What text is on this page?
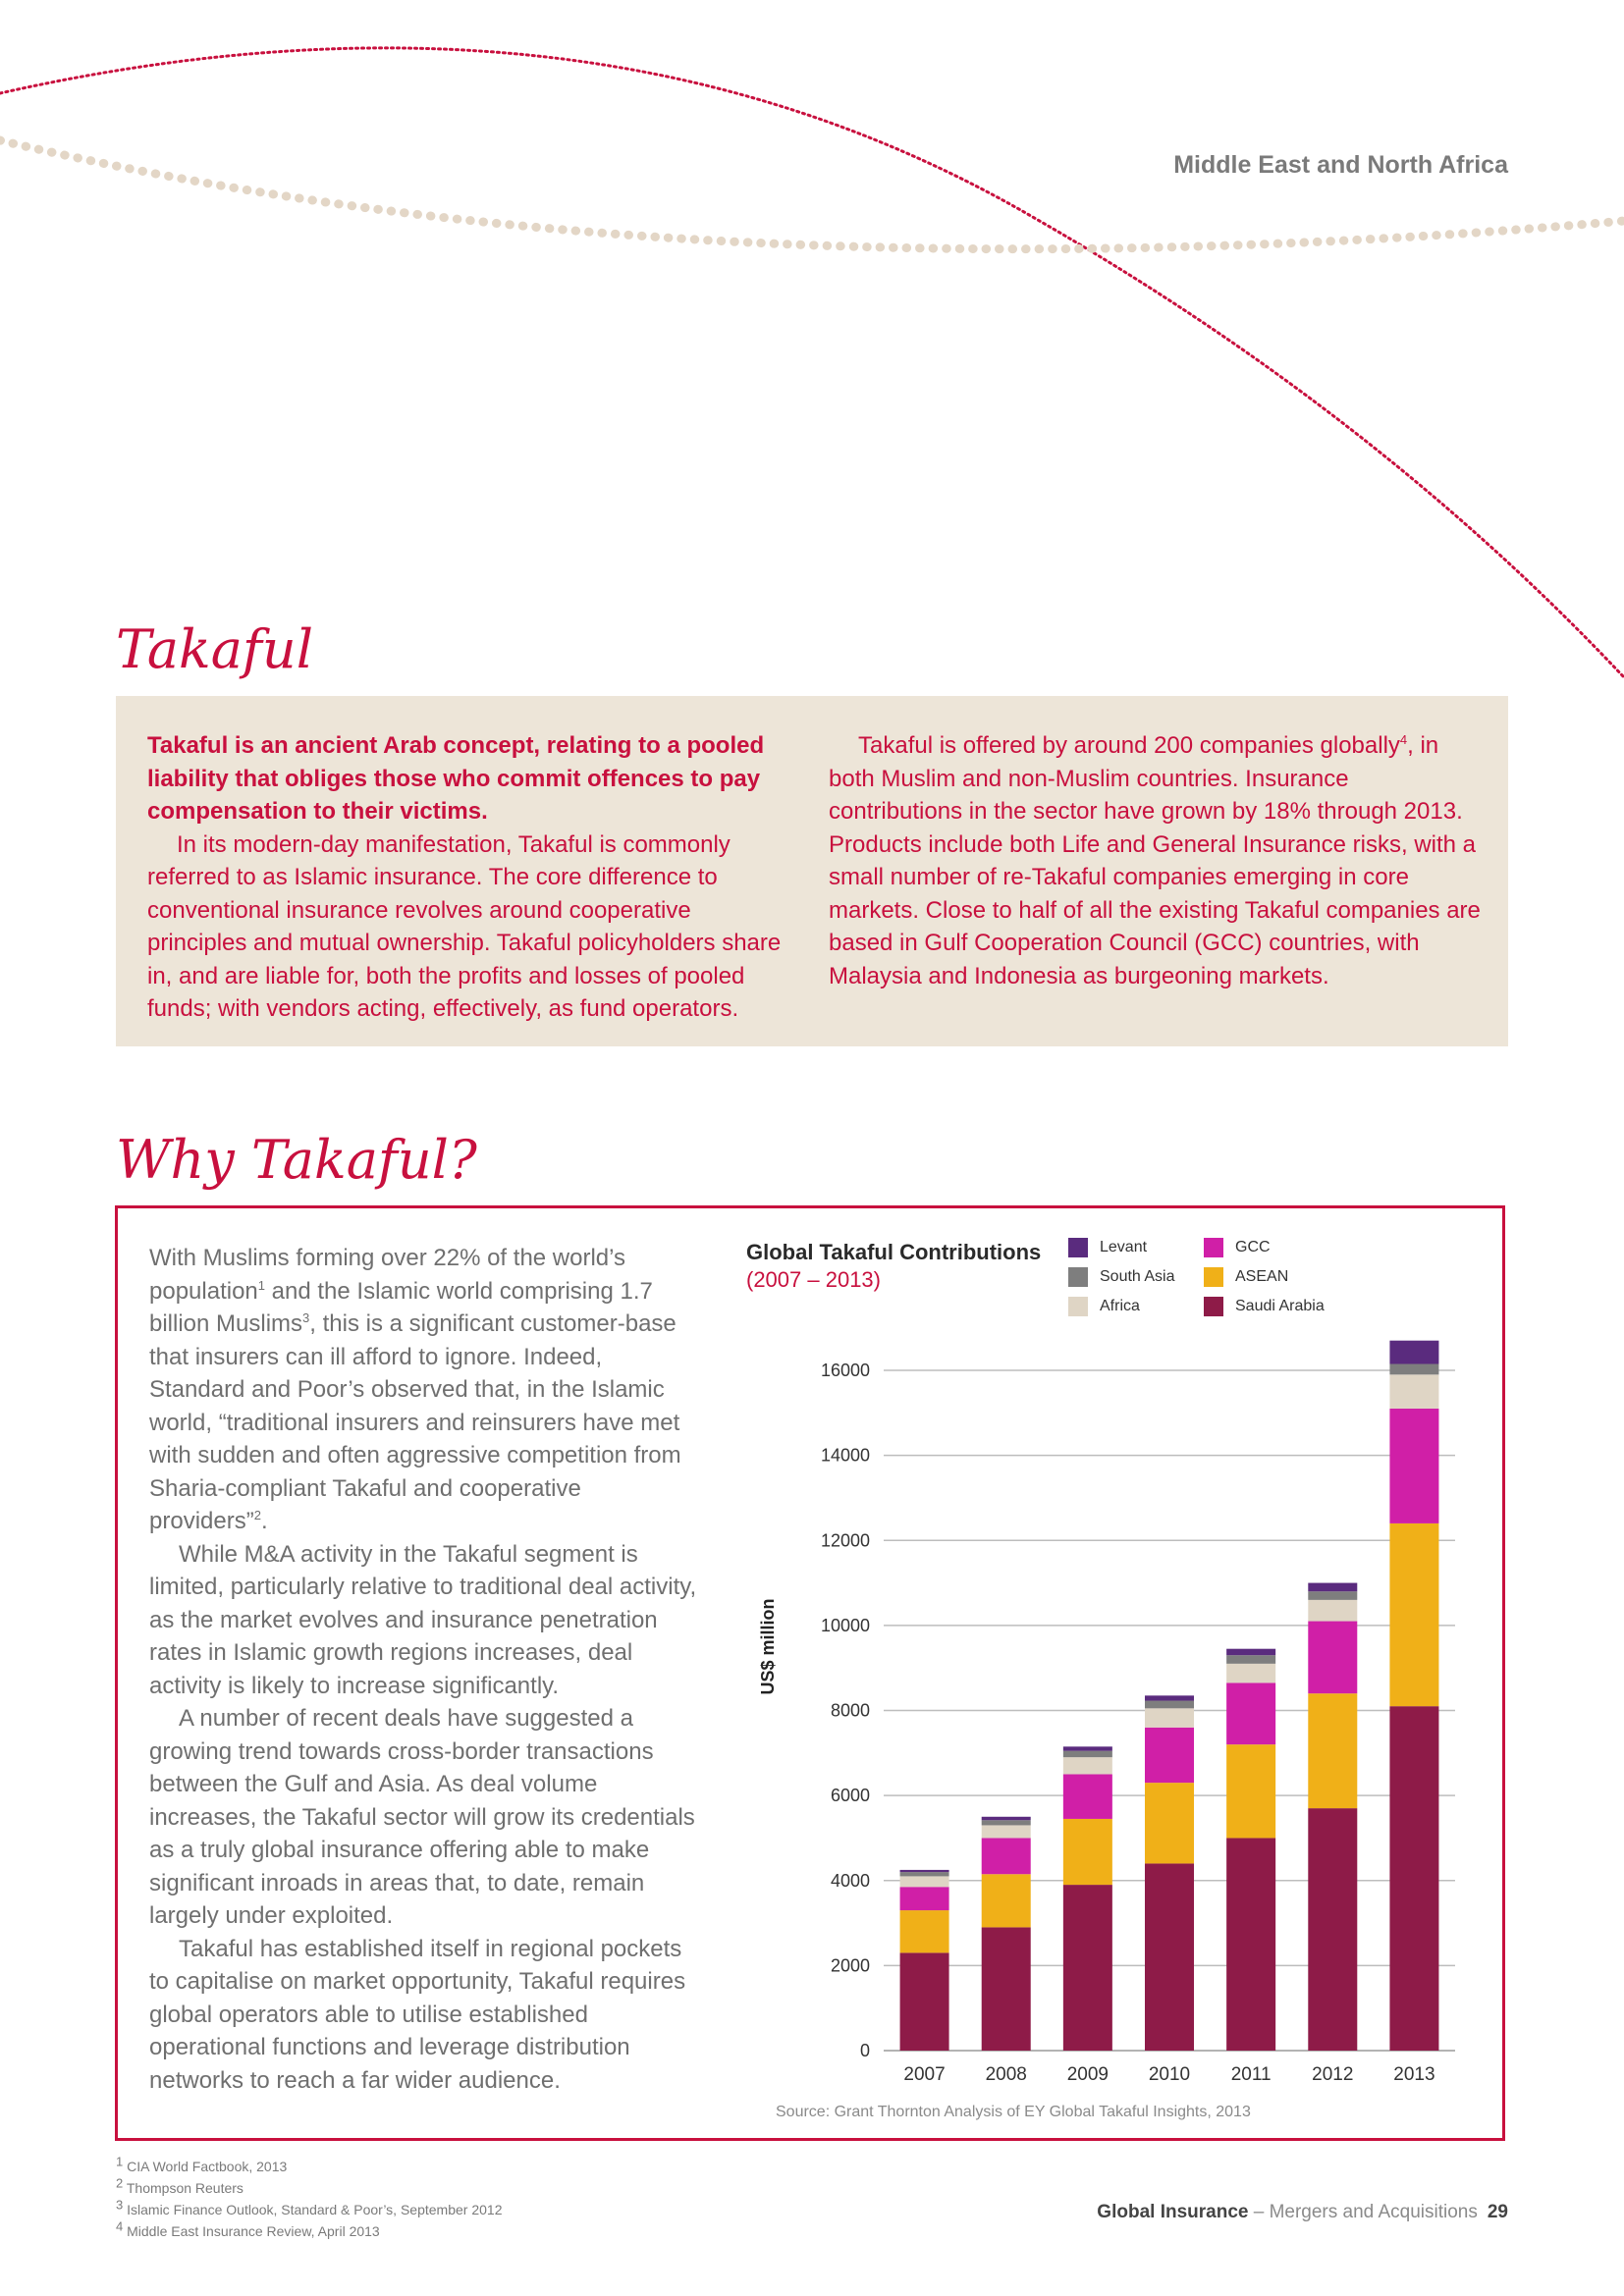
Middle East and North Africa
Takaful

Takaful is an ancient Arab concept, relating to a pooled liability that obliges those who commit offences to pay compensation to their victims.

In its modern-day manifestation, Takaful is commonly referred to as Islamic insurance. The core difference to conventional insurance revolves around cooperative principles and mutual ownership. Takaful policyholders share in, and are liable for, both the profits and losses of pooled funds; with vendors acting, effectively, as fund operators.

Takaful is offered by around 200 companies globally$^4$, in both Muslim and non-Muslim countries. Insurance contributions in the sector have grown by 18% through 2013. Products include both Life and General Insurance risks, with a small number of re-Takaful companies emerging in core markets. Close to half of all the existing Takaful companies are based in Gulf Cooperation Council (GCC) countries, with Malaysia and Indonesia as burgeoning markets.

Why Takaful?

With Muslims forming over 22% of the world’s population$^1$ and the Islamic world comprising 1.7 billion Muslims$^3$, this is a significant customer-base that insurers can ill afford to ignore. Indeed, Standard and Poor’s observed that, in the Islamic world, “traditional insurers and reinsurers have met with sudden and often aggressive competition from Sharia-compliant Takaful and cooperative providers”$^2$.

While M&A activity in the Takaful segment is limited, particularly relative to traditional deal activity, as the market evolves and insurance penetration rates in Islamic growth regions increases, deal activity is likely to increase significantly.

A number of recent deals have suggested a growing trend towards cross-border transactions between the Gulf and Asia. As deal volume increases, the Takaful sector will grow its credentials as a truly global insurance offering able to make significant inroads in areas that, to date, remain largely under exploited.

Takaful has established itself in regional pockets to capitalise on market opportunity, Takaful requires global operators able to utilise established operational functions and leverage distribution networks to reach a far wider audience.

Global Takaful Contributions
(2007 – 2013)
Levant
South Asia
Africa
GCC
ASEAN
Saudi Arabia
0
2000
4000
6000
8000
10000
12000
14000
16000
US$ million
2007 2008 2009 2010 2011 2012 2013
Source: Grant Thornton Analysis of EY Global Takaful Insights, 2013
$^1$ CIA World Factbook, 2013
$^2$ Thompson Reuters
$^3$ Islamic Finance Outlook, Standard & Poor’s, September 2012
$^4$ Middle East Insurance Review, April 2013
Global Insurance – Mergers and Acquisitions 29
